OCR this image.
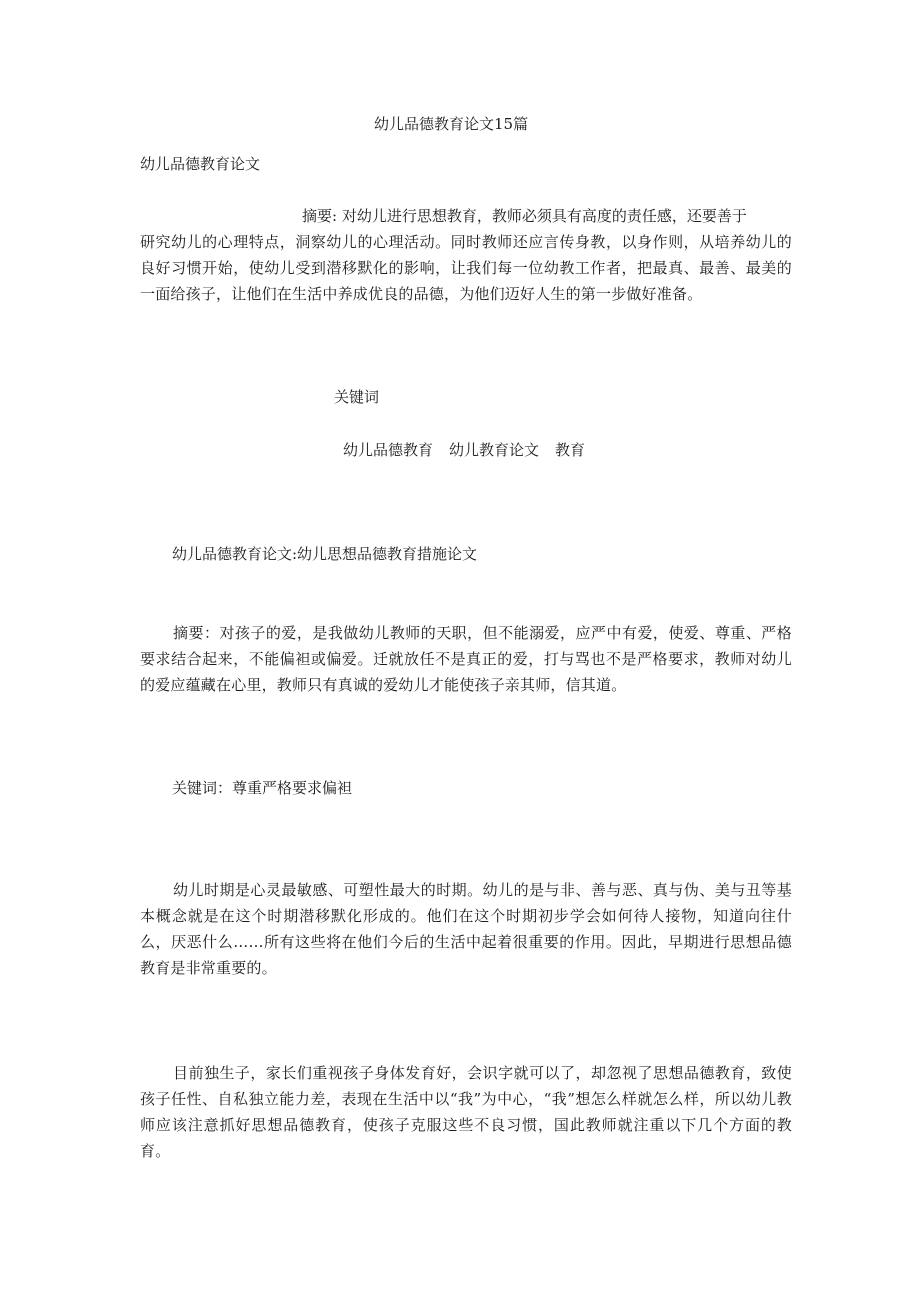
幼儿品德教育论文15篇
幼儿品德教育论文
摘要: 对幼儿进行思想教育，教师必须具有高度的责任感，还要善于
研究幼儿的心理特点，洞察幼儿的心理活动。同时教师还应言传身教，以身作则，从培养幼儿的良好习惯开始，使幼儿受到潜移默化的影响，让我们每一位幼教工作者，把最真、最善、最美的一面给孩子，让他们在生活中养成优良的品德，为他们迈好人生的第一步做好准备。
关键词
幼儿品德教育 幼儿教育论文 教育
幼儿品德教育论文:幼儿思想品德教育措施论文
摘要：对孩子的爱，是我做幼儿教师的天职，但不能溺爱，应严中有爱，使爱、尊重、严格要求结合起来，不能偏袒或偏爱。迁就放任不是真正的爱，打与骂也不是严格要求，教师对幼儿的爱应蕴藏在心里，教师只有真诚的爱幼儿才能使孩子亲其师，信其道。
关键词：尊重严格要求偏袒
幼儿时期是心灵最敏感、可塑性最大的时期。幼儿的是与非、善与恶、真与伪、美与丑等基本概念就是在这个时期潜移默化形成的。他们在这个时期初步学会如何待人接物，知道向往什么，厌恶什么……所有这些将在他们今后的生活中起着很重要的作用。因此，早期进行思想品德教育是非常重要的。
目前独生子，家长们重视孩子身体发育好，会识字就可以了，却忽视了思想品德教育，致使孩子任性、自私独立能力差，表现在生活中以“我”为中心，“我”想怎么样就怎么样，所以幼儿教师应该注意抓好思想品德教育，使孩子克服这些不良习惯，国此教师就注重以下几个方面的教育。
